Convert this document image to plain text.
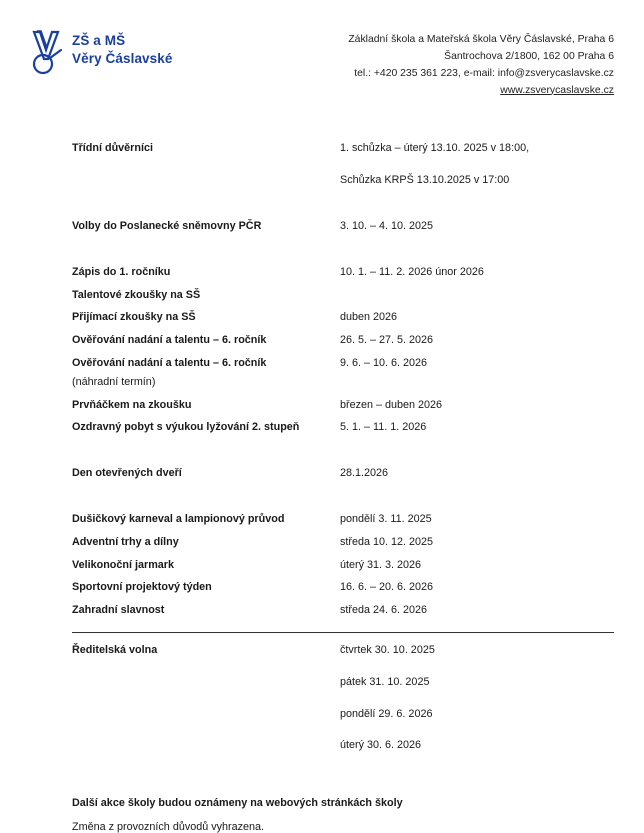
ZŠ a MŠ
Věry Čáslavské
Základní škola a Mateřská škola Věry Čáslavské, Praha 6
Šantrochova 2/1800, 162 00 Praha 6
tel.: +420 235 361 223, e-mail: info@zsverycaslavske.cz
www.zsverycaslavske.cz
Třídní důvěrníci	1. schůzka – úterý 13.10. 2025 v 18:00,
Schůzka KRPŠ 13.10.2025 v 17:00
Volby do Poslanecké sněmovny PČR	3. 10. – 4. 10. 2025
Zápis do 1. ročníku	10. 1. – 11. 2. 2026 únor 2026
Talentové zkoušky na SŠ
Přijímací zkoušky na SŠ	duben 2026
Ověřování nadání a talentu – 6. ročník	26. 5. – 27. 5. 2026
Ověřování nadání a talentu – 6. ročník	9. 6. – 10. 6. 2026
(náhradní termín)
Prvňáčkem na zkoušku	březen – duben 2026
Ozdravný pobyt s výukou lyžování 2. stupeň	5. 1. – 11. 1. 2026
Den otevřených dveří	28.1.2026
Dušičkový karneval a lampionový průvod	pondělí 3. 11. 2025
Adventní trhy a dílny	středa 10. 12. 2025
Velikonoční jarmark	úterý 31. 3. 2026
Sportovní projektový týden	16. 6. – 20. 6. 2026
Zahradní slavnost	středa 24. 6. 2026
Ředitelská volna	čtvrtek 30. 10. 2025
pátek 31. 10. 2025
pondělí 29. 6. 2026
úterý 30. 6. 2026
Další akce školy budou oznámeny na webových stránkách školy
Změna z provozních důvodů vyhrazena.
